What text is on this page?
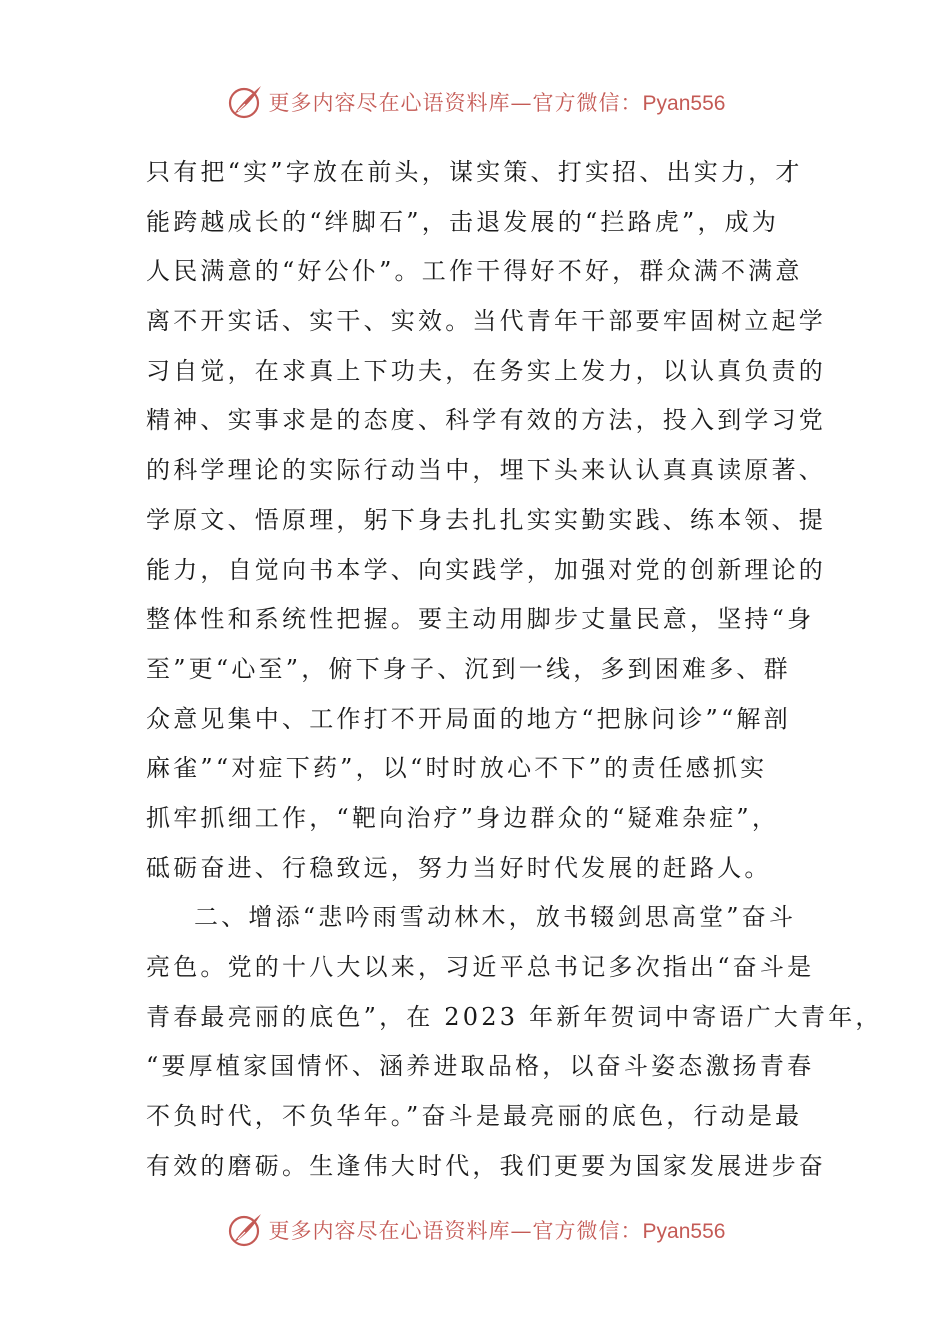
更多内容尽在心语资料库—官方微信：Pyan556
只有把“实”字放在前头，谋实策、打实招、出实力，才
能跨越成长的“绊脚石”，击退发展的“拦路虎”，成为
人民满意的“好公仆”。工作干得好不好，群众满不满意
离不开实话、实干、实效。当代青年干部要牢固树立起学
习自觉，在求真上下功夫，在务实上发力，以认真负责的
精神、实事求是的态度、科学有效的方法，投入到学习党
的科学理论的实际行动当中，埋下头来认认真真读原著、
学原文、悟原理，躬下身去扎扎实实勤实践、练本领、提
能力，自觉向书本学、向实践学，加强对党的创新理论的
整体性和系统性把握。要主动用脚步丈量民意，坚持“身
至”更“心至”，俯下身子、沉到一线，多到困难多、群
众意见集中、工作打不开局面的地方“把脉问诊”“解剖
麻雀”“对症下药”，以“时时放心不下”的责任感抓实
抓牢抓细工作，“靶向治疗”身边群众的“疑难杂症”，
砥砺奋进、行稳致远，努力当好时代发展的赶路人。
二、增添“悲吟雨雪动林木，放书辍剑思高堂”奋斗
亮色。党的十八大以来，习近平总书记多次指出“奋斗是
青春最亮丽的底色”，在 2023 年新年贺词中寄语广大青年，
“要厚植家国情怀、涵养进取品格，以奋斗姿态激扬青春
不负时代，不负华年。”奋斗是最亮丽的底色，行动是最
有效的磨砺。生逢伟大时代，我们更要为国家发展进步奋
更多内容尽在心语资料库—官方微信：Pyan556
